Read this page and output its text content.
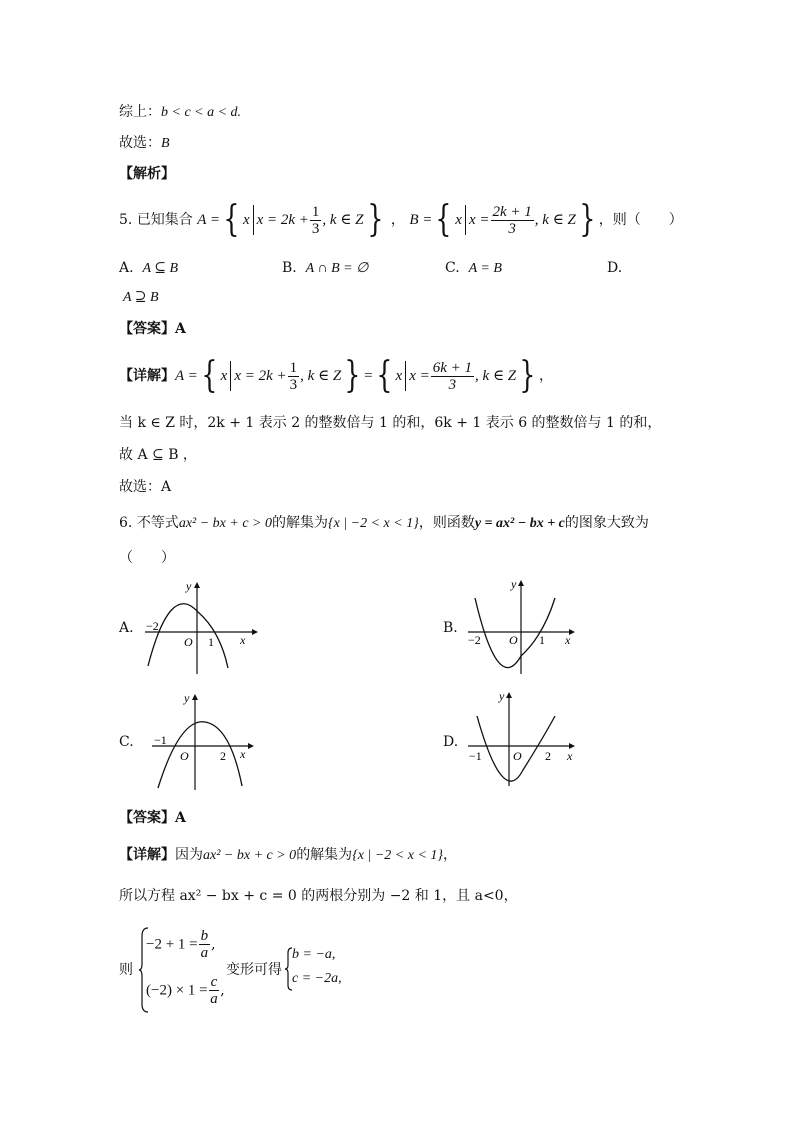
综上：b < c < a < d.
故选：B
【解析】
5. 已知集合 A ={ x $x = 2k + \frac{1}{3}$ , k ∈ Z} ， B ={ x $x = \frac{2k + 1}{3}$ , k ∈ Z} ，则（　　）
A. A ⊆ B	B. A ∩ B = ∅	C. A = B	D.
A ⊇ B
【答案】A
【详解】A ={ x $x = 2k + \frac{1}{3}$ , k ∈ Z} ={ x $x = \frac{6k + 1}{3}$ , k ∈ Z} ，
当 k ∈ Z 时，2k + 1 表示 2 的整数倍与 1 的和，6k + 1 表示 6 的整数倍与 1 的和，
故 A ⊆ B ，
故选：A
6. 不等式ax² − bx + c > 0的解集为{x | −2 < x < 1}，则函数y = ax² − bx + c的图象大致为
（　　）
A. −2
1
O	x
y
B.
−2	1
O	x
y
C. −1
2
O	x
y
D.
−1	2
O	x
y
【答案】A
【详解】因为ax² − bx + c > 0的解集为{x | −2 < x < 1}，
所以方程 ax² − bx + c = 0 的两根分别为 −2 和 1，且 a<0，
则
$-2 + 1 = \frac{b}{a}$ ,
$(-2) \times 1 = \frac{c}{a}$ ,
变形可得
b = −a,
c = −2a,
